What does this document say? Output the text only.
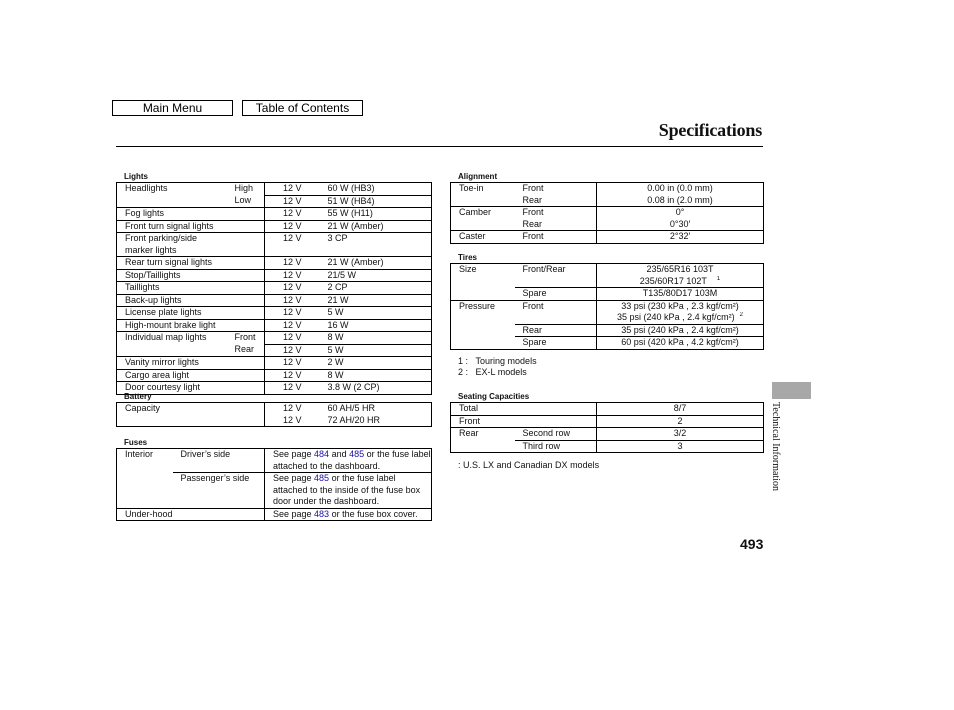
Main Menu	Table of Contents
Specifications
Lights
Headlights	High	12 V	60 W (HB3)
	Low	12 V	51 W (HB4)
Fog lights		12 V	55 W (H11)
Front turn signal lights		12 V	21 W (Amber)
Front parking/side marker lights		12 V	3 CP
Rear turn signal lights		12 V	21 W (Amber)
Stop/Taillights		12 V	21/5 W
Taillights		12 V	2 CP
Back-up lights		12 V	21 W
License plate lights		12 V	5 W
High-mount brake light		12 V	16 W
Individual map lights	Front	12 V	8 W
	Rear	12 V	5 W
Vanity mirror lights		12 V	2 W
Cargo area light		12 V	8 W
Door courtesy light		12 V	3.8 W (2 CP)
Battery
Capacity	12 V	60 AH/5 HR
	12 V	72 AH/20 HR
Fuses
Interior	Driver’s side	See page 484 and 485 or the fuse label attached to the dashboard.
	Passenger’s side	See page 485 or the fuse label attached to the inside of the fuse box door under the dashboard.
Under-hood		See page 483 or the fuse box cover.
Alignment
Toe-in	Front	0.00 in (0.0 mm)
	Rear	0.08 in (2.0 mm)
Camber	Front	0°
	Rear	0°30′
Caster	Front	2°32′
Tires
Size	Front/Rear	235/65R16 103T
		235/60R17 102T $^1$
	Spare	T135/80D17 103M
Pressure	Front	33 psi (230 kPa , 2.3 kgf/cm²)
		35 psi (240 kPa , 2.4 kgf/cm²) $^2$
	Rear	35 psi (240 kPa , 2.4 kgf/cm²)
	Spare	60 psi (420 kPa , 4.2 kgf/cm²)
1 : Touring models
2 : EX-L models
Seating Capacities
Total		8/7
Front		2
Rear	Second row	3/2
	Third row	3
: U.S. LX and Canadian DX models	Technical Information
493
